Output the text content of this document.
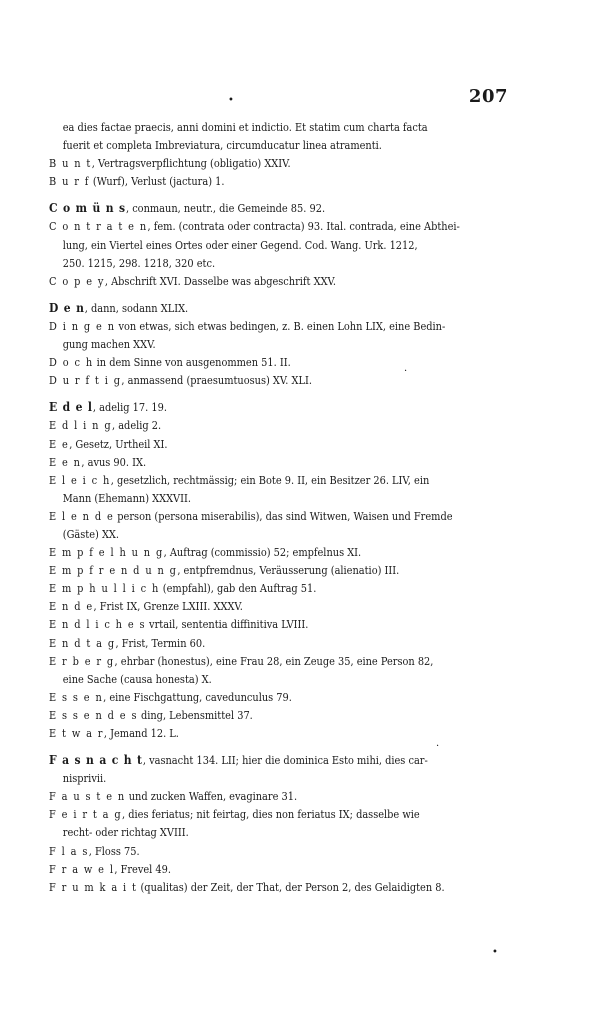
207
•
·
·
•
ea dies factae praecis, anni domini et indictio. Et statim cum charta facta
fuerit et completa Imbreviatura, circumducatur linea atramenti.
B u n t, Vertragsverpflichtung (obligatio) XXIV.
B u r f (Wurf), Verlust (jactura) 1.
C o m ü n s, conmaun, neutr., die Gemeinde 85. 92.
C o n t r a t e n, fem. (contrata oder contracta) 93. Ital. contrada, eine Abthei-
lung, ein Viertel eines Ortes oder einer Gegend. Cod. Wang. Urk. 1212,
250. 1215, 298. 1218, 320 etc.
C o p e y, Abschrift XVI. Dasselbe was abgeschrift XXV.
D e n, dann, sodann XLIX.
D i n g e n von etwas, sich etwas bedingen, z. B. einen Lohn LIX, eine Bedin-
gung machen XXV.
D o c h in dem Sinne von ausgenommen 51. II.
D u r f t i g, anmassend (praesumtuosus) XV. XLI.
E d e l, adelig 17. 19.
E d l i n g, adelig 2.
E e, Gesetz, Urtheil XI.
E e n, avus 90. IX.
E l e i c h, gesetzlich, rechtmässig; ein Bote 9. II, ein Besitzer 26. LIV, ein
Mann (Ehemann) XXXVII.
E l e n d e person (persona miserabilis), das sind Witwen, Waisen und Fremde
(Gäste) XX.
E m p f e l h u n g, Auftrag (commissio) 52; empfelnus XI.
E m p f r e n d u n g, entpfremdnus, Veräusserung (alienatio) III.
E m p h u l l i c h (empfahl), gab den Auftrag 51.
E n d e, Frist IX, Grenze LXIII. XXXV.
E n d l i c h e s vrtail, sententia diffinitiva LVIII.
E n d t a g, Frist, Termin 60.
E r b e r g, ehrbar (honestus), eine Frau 28, ein Zeuge 35, eine Person 82,
eine Sache (causa honesta) X.
E s s e n, eine Fischgattung, cavedunculus 79.
E s s e n d e s ding, Lebensmittel 37.
E t w a r, Jemand 12. L.
F a s n a c h t, vasnacht 134. LII; hier die dominica Esto mihi, dies car-
nisprivii.
F a u s t e n und zucken Waffen, evaginare 31.
F e i r t a g, dies feriatus; nit feirtag, dies non feriatus IX; dasselbe wie
recht- oder richtag XVIII.
F l a s, Floss 75.
F r a w e l, Frevel 49.
F r u m k a i t (qualitas) der Zeit, der That, der Person 2, des Gelaidigten 8.
